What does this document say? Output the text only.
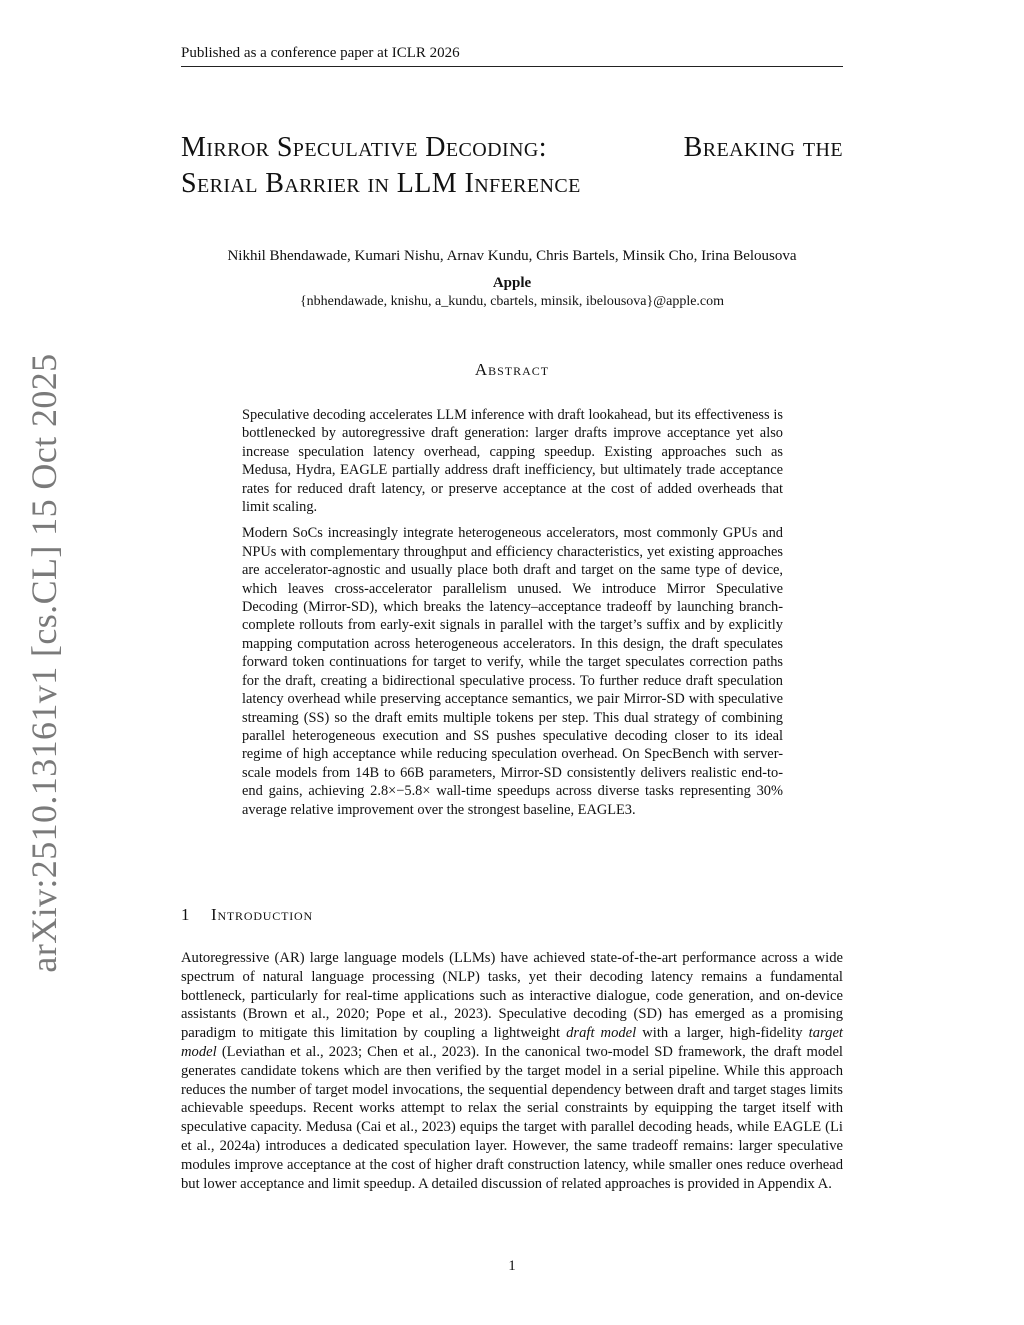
Published as a conference paper at ICLR 2026
arXiv:2510.13161v1 [cs.CL] 15 Oct 2025
Mirror Speculative Decoding:	Breaking the
Serial Barrier in LLM Inference
Nikhil Bhendawade, Kumari Nishu, Arnav Kundu, Chris Bartels, Minsik Cho, Irina Belousova
Apple
{nbhendawade, knishu, a_kundu, cbartels, minsik, ibelousova}@apple.com
Abstract

Speculative decoding accelerates LLM inference with draft lookahead, but its effectiveness is bottlenecked by autoregressive draft generation: larger drafts improve acceptance yet also increase speculation latency overhead, capping speedup. Existing approaches such as Medusa, Hydra, EAGLE partially address draft inefficiency, but ultimately trade acceptance rates for reduced draft latency, or preserve acceptance at the cost of added overheads that limit scaling.

Modern SoCs increasingly integrate heterogeneous accelerators, most commonly GPUs and NPUs with complementary throughput and efficiency characteristics, yet existing approaches are accelerator-agnostic and usually place both draft and target on the same type of device, which leaves cross-accelerator parallelism unused. We introduce Mirror Speculative Decoding (Mirror-SD), which breaks the latency–acceptance tradeoff by launching branch-complete rollouts from early-exit signals in parallel with the target’s suffix and by explicitly mapping computation across heterogeneous accelerators. In this design, the draft speculates forward token continuations for target to verify, while the target speculates correction paths for the draft, creating a bidirectional speculative process. To further reduce draft speculation latency overhead while preserving acceptance semantics, we pair Mirror-SD with speculative streaming (SS) so the draft emits multiple tokens per step. This dual strategy of combining parallel heterogeneous execution and SS pushes speculative decoding closer to its ideal regime of high acceptance while reducing speculation overhead. On SpecBench with server-scale models from 14B to 66B parameters, Mirror-SD consistently delivers realistic end-to-end gains, achieving 2.8×−5.8× wall-time speedups across diverse tasks representing 30% average relative improvement over the strongest baseline, EAGLE3.

1 Introduction

Autoregressive (AR) large language models (LLMs) have achieved state-of-the-art performance across a wide spectrum of natural language processing (NLP) tasks, yet their decoding latency remains a fundamental bottleneck, particularly for real-time applications such as interactive dialogue, code generation, and on-device assistants (Brown et al., 2020; Pope et al., 2023). Speculative decoding (SD) has emerged as a promising paradigm to mitigate this limitation by coupling a lightweight draft model with a larger, high-fidelity target model (Leviathan et al., 2023; Chen et al., 2023). In the canonical two-model SD framework, the draft model generates candidate tokens which are then verified by the target model in a serial pipeline. While this approach reduces the number of target model invocations, the sequential dependency between draft and target stages limits achievable speedups. Recent works attempt to relax the serial constraints by equipping the target itself with speculative capacity. Medusa (Cai et al., 2023) equips the target with parallel decoding heads, while EAGLE (Li et al., 2024a) introduces a dedicated speculation layer. However, the same tradeoff remains: larger speculative modules improve acceptance at the cost of higher draft construction latency, while smaller ones reduce overhead but lower acceptance and limit speedup. A detailed discussion of related approaches is provided in Appendix A.

1
